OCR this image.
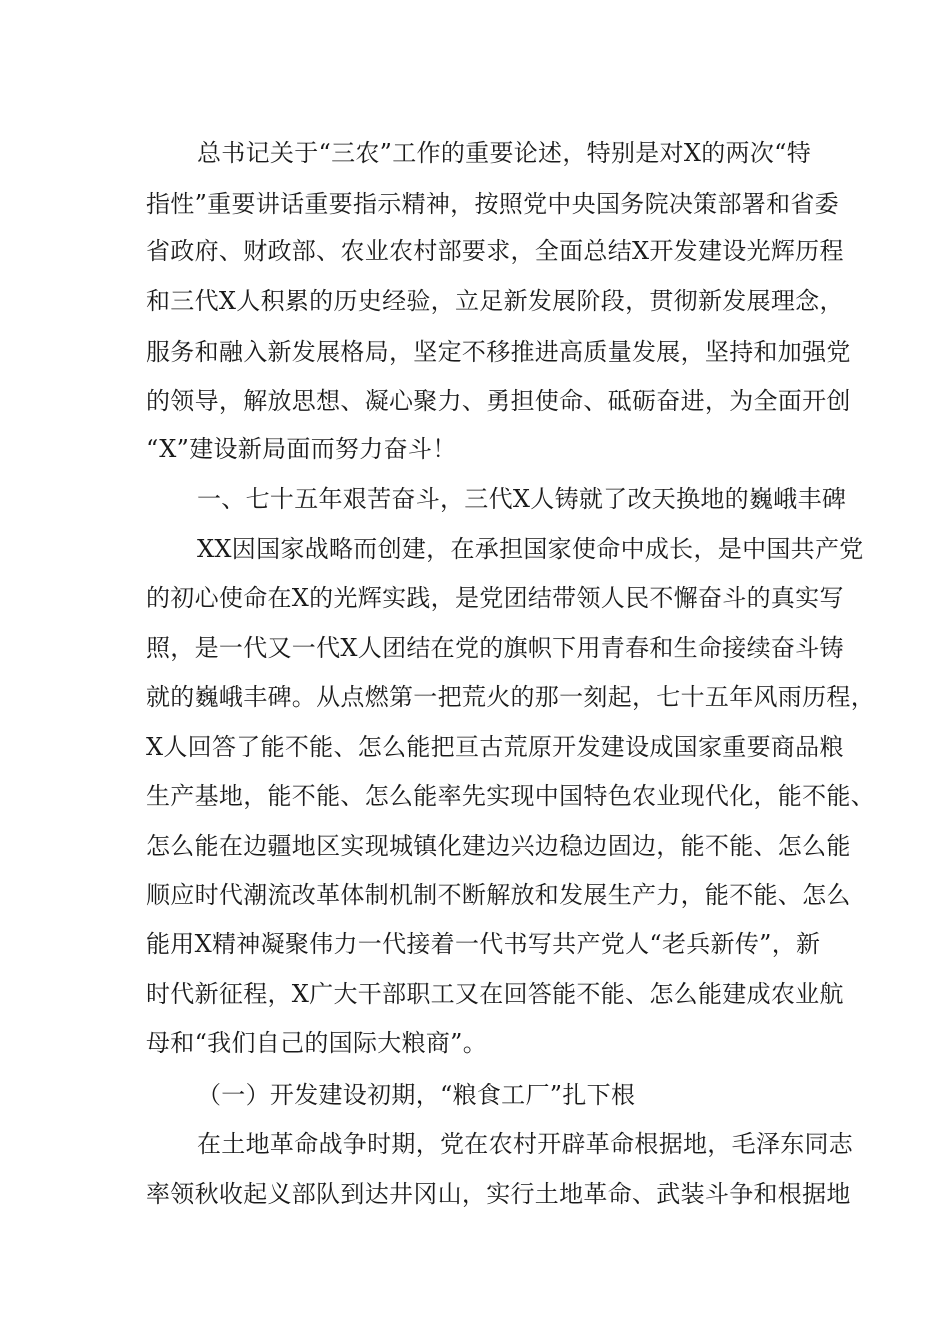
总书记关于“三农”工作的重要论述，特别是对X的两次“特
指性”重要讲话重要指示精神，按照党中央国务院决策部署和省委
省政府、财政部、农业农村部要求，全面总结X开发建设光辉历程
和三代X人积累的历史经验，立足新发展阶段，贯彻新发展理念，
服务和融入新发展格局，坚定不移推进高质量发展，坚持和加强党
的领导，解放思想、凝心聚力、勇担使命、砥砺奋进，为全面开创
“X”建设新局面而努力奋斗！
一、七十五年艰苦奋斗，三代X人铸就了改天换地的巍峨丰碑
XX因国家战略而创建，在承担国家使命中成长，是中国共产党
的初心使命在X的光辉实践，是党团结带领人民不懈奋斗的真实写
照，是一代又一代X人团结在党的旗帜下用青春和生命接续奋斗铸
就的巍峨丰碑。从点燃第一把荒火的那一刻起，七十五年风雨历程，
X人回答了能不能、怎么能把亘古荒原开发建设成国家重要商品粮
生产基地，能不能、怎么能率先实现中国特色农业现代化，能不能、
怎么能在边疆地区实现城镇化建边兴边稳边固边，能不能、怎么能
顺应时代潮流改革体制机制不断解放和发展生产力，能不能、怎么
能用X精神凝聚伟力一代接着一代书写共产党人“老兵新传”，新
时代新征程，X广大干部职工又在回答能不能、怎么能建成农业航
母和“我们自己的国际大粮商”。
（一）开发建设初期，“粮食工厂”扎下根
在土地革命战争时期，党在农村开辟革命根据地，毛泽东同志
率领秋收起义部队到达井冈山，实行土地革命、武装斗争和根据地
